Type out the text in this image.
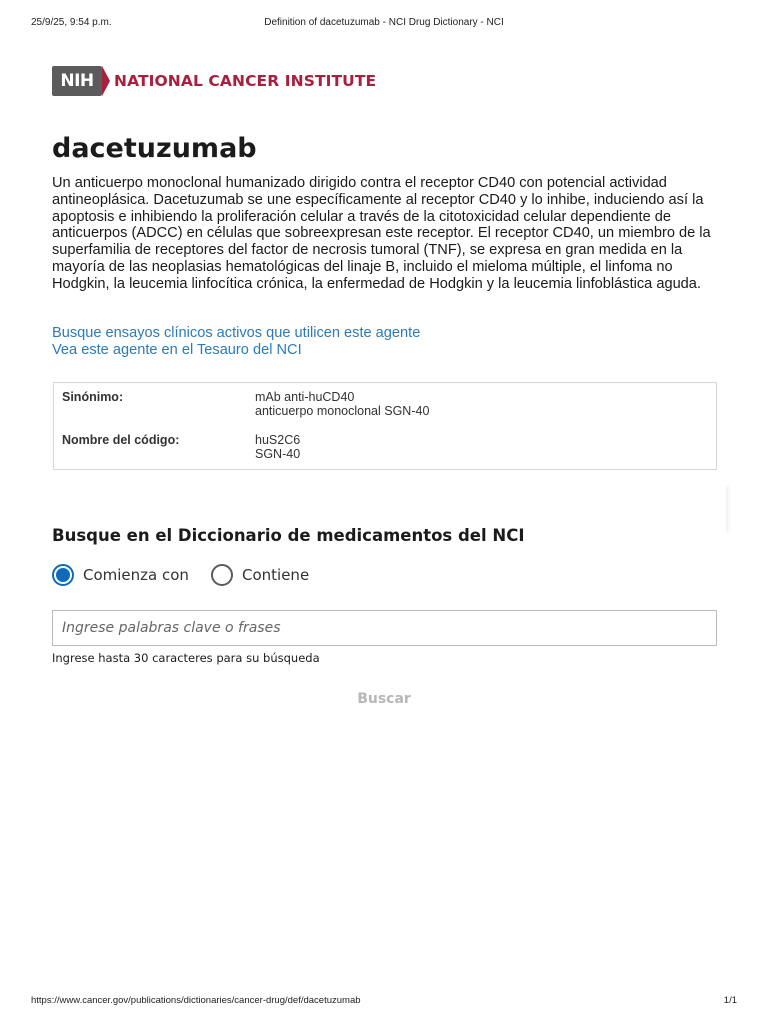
25/9/25, 9:54 p.m.	Definition of dacetuzumab - NCI Drug Dictionary - NCI
NIH NATIONAL CANCER INSTITUTE
dacetuzumab

Un anticuerpo monoclonal humanizado dirigido contra el receptor CD40 con potencial actividad antineoplásica. Dacetuzumab se une específicamente al receptor CD40 y lo inhibe, induciendo así la apoptosis e inhibiendo la proliferación celular a través de la citotoxicidad celular dependiente de anticuerpos (ADCC) en células que sobreexpresan este receptor. El receptor CD40, un miembro de la superfamilia de receptores del factor de necrosis tumoral (TNF), se expresa en gran medida en la mayoría de las neoplasias hematológicas del linaje B, incluido el mieloma múltiple, el linfoma no Hodgkin, la leucemia linfocítica crónica, la enfermedad de Hodgkin y la leucemia linfoblástica aguda.

Busque ensayos clínicos activos que utilicen este agente
Vea este agente en el Tesauro del NCI
Sinónimo:	mAb anti-huCD40
anticuerpo monoclonal SGN-40
Nombre del código:	huS2C6
SGN-40
Busque en el Diccionario de medicamentos del NCI
Comienza con	Contiene
Ingrese palabras clave o frases
Ingrese hasta 30 caracteres para su búsqueda
Buscar
https://www.cancer.gov/publications/dictionaries/cancer-drug/def/dacetuzumab	1/1
